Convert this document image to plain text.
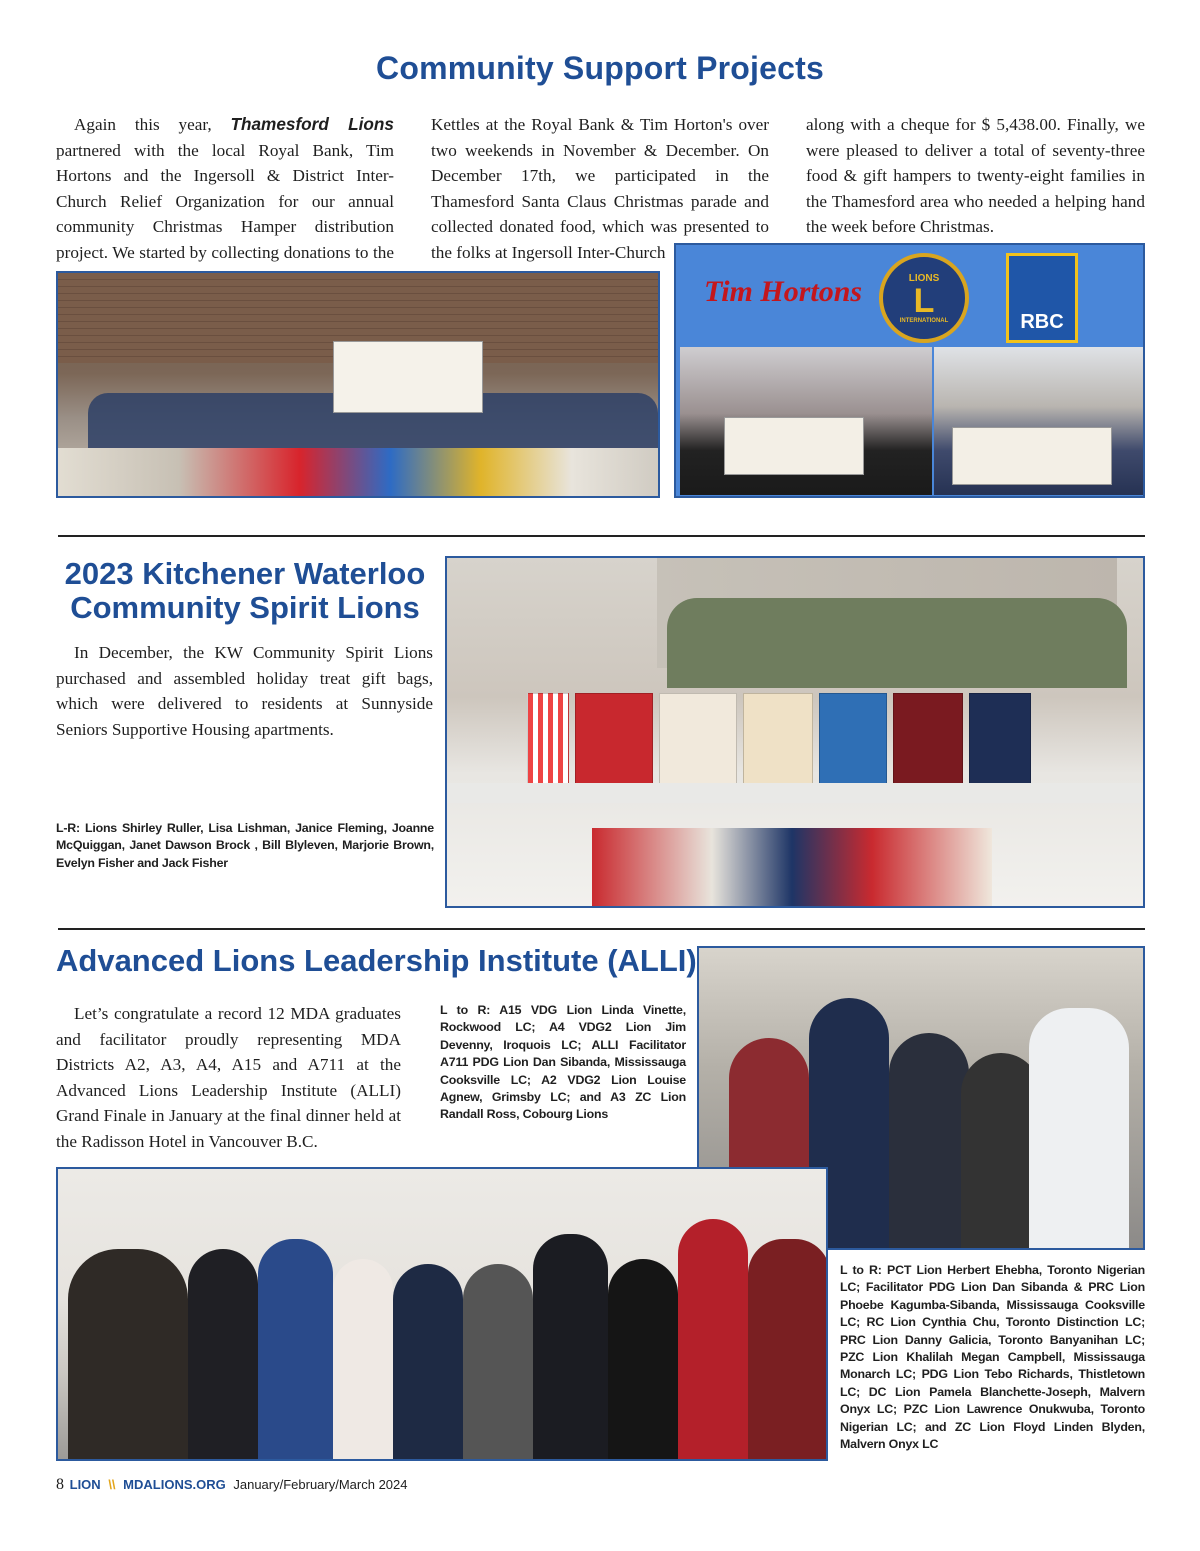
Community Support Projects
Again this year, Thamesford Lions partnered with the local Royal Bank, Tim Hortons and the Ingersoll & District Inter-Church Relief Organization for our annual community Christmas Hamper distribution project. We started by collecting donations to the
Kettles at the Royal Bank & Tim Horton's over two weekends in November & December. On December 17th, we participated in the Thamesford Santa Claus Christmas parade and collected donated food, which was presented to the folks at Ingersoll Inter-Church
along with a cheque for $ 5,438.00. Finally, we were pleased to deliver a total of seventy-three food & gift hampers to twenty-eight families in the Thamesford area who needed a helping hand the week before Christmas.
Tim Hortons	LIONS
L
INTERNATIONAL	RBC
2023 Kitchener Waterloo
Community Spirit Lions
In December, the KW Community Spirit Lions purchased and assembled holiday treat gift bags, which were delivered to residents at Sunnyside Seniors Supportive Housing apartments.
L-R: Lions Shirley Ruller, Lisa Lishman, Janice Fleming, Joanne McQuiggan, Janet Dawson Brock , Bill Blyleven, Marjorie Brown, Evelyn Fisher and Jack Fisher
Advanced Lions Leadership Institute (ALLI)
Let’s congratulate a record 12 MDA graduates and facilitator proudly representing MDA Districts A2, A3, A4, A15 and A711 at the Advanced Lions Leadership Institute (ALLI) Grand Finale in January at the final dinner held at the Radisson Hotel in Vancouver B.C.
L to R: A15 VDG Lion Linda Vinette, Rockwood LC; A4 VDG2 Lion Jim Devenny, Iroquois LC; ALLI Facilitator A711 PDG Lion Dan Sibanda, Mississauga Cooksville LC; A2 VDG2 Lion Louise Agnew, Grimsby LC; and A3 ZC Lion Randall Ross, Cobourg Lions
L to R: PCT Lion Herbert Ehebha, Toronto Nigerian LC; Facilitator PDG Lion Dan Sibanda & PRC Lion Phoebe Kagumba-Sibanda, Mississauga Cooksville LC; RC Lion Cynthia Chu, Toronto Distinction LC; PRC Lion Danny Galicia, Toronto Banyanihan LC; PZC Lion Khalilah Megan Campbell, Mississauga Monarch LC; PDG Lion Tebo Richards, Thistletown LC; DC Lion Pamela Blanchette-Joseph, Malvern Onyx LC; PZC Lion Lawrence Onukwuba, Toronto Nigerian LC; and ZC Lion Floyd Linden Blyden, Malvern Onyx LC
8 LION \\ MDALIONS.ORG January/February/March 2024
